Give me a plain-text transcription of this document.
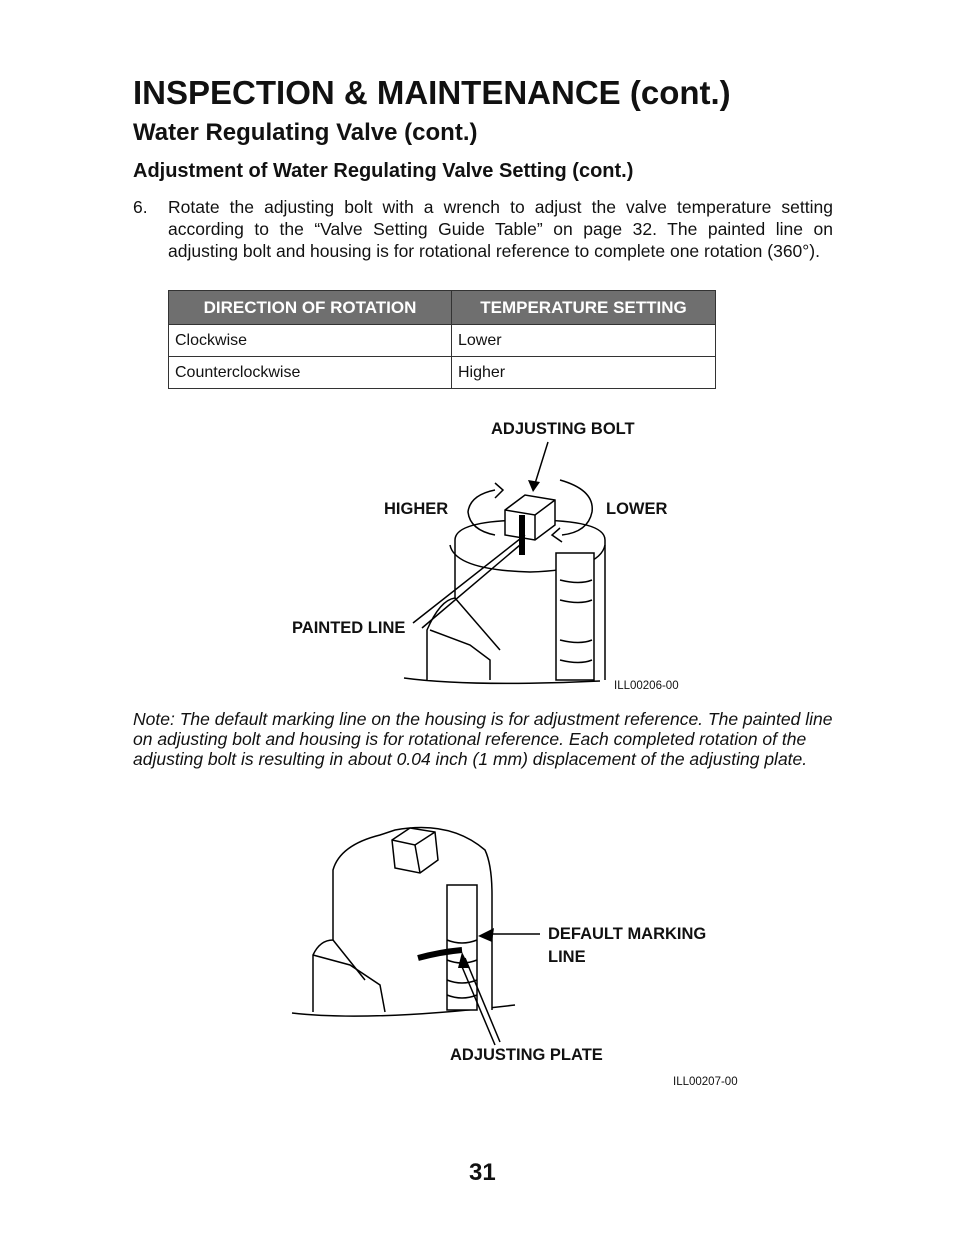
INSPECTION & MAINTENANCE (cont.)
Water Regulating Valve (cont.)
Adjustment of Water Regulating Valve Setting (cont.)
6. Rotate the adjusting bolt with a wrench to adjust the valve temperature setting according to the “Valve Setting Guide Table” on page 32. The painted line on adjusting bolt and housing is for rotational reference to complete one rotation (360°).
DIRECTION OF ROTATION	TEMPERATURE SETTING
Clockwise	Lower
Counterclockwise	Higher
ADJUSTING BOLT
HIGHER	LOWER
PAINTED LINE
ILL00206-00
Note: The default marking line on the housing is for adjustment reference. The painted line on adjusting bolt and housing is for rotational reference. Each completed rotation of the adjusting bolt is resulting in about 0.04 inch (1 mm) displacement of the adjusting plate.
DEFAULT MARKING
LINE
ADJUSTING PLATE
ILL00207-00
31
